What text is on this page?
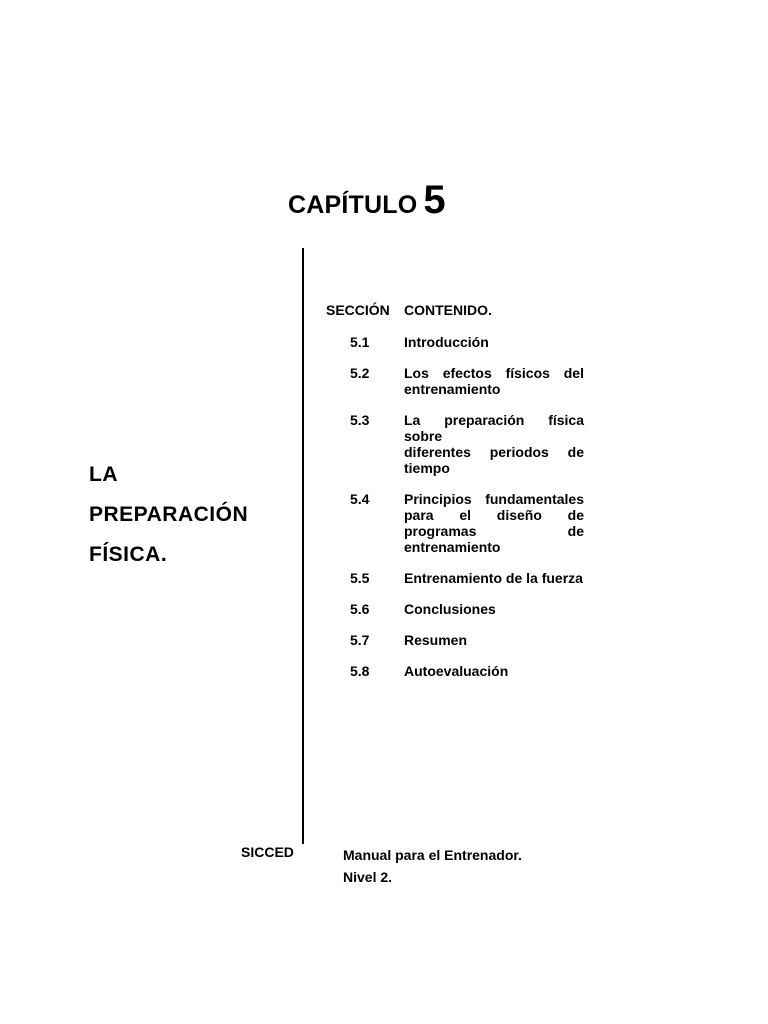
CAPÍTULO 5
LA
PREPARACIÓN
FÍSICA.
SECCIÓN	CONTENIDO.
5.1	Introducción
5.2	Los efectos físicos del entrenamiento
5.3	La preparación física sobre
diferentes periodos de tiempo
5.4	Principios fundamentales para el diseño de programas de entrenamiento
5.5	Entrenamiento de la fuerza
5.6	Conclusiones
5.7	Resumen
5.8	Autoevaluación
SICCED	Manual para el Entrenador.
Nivel 2.
